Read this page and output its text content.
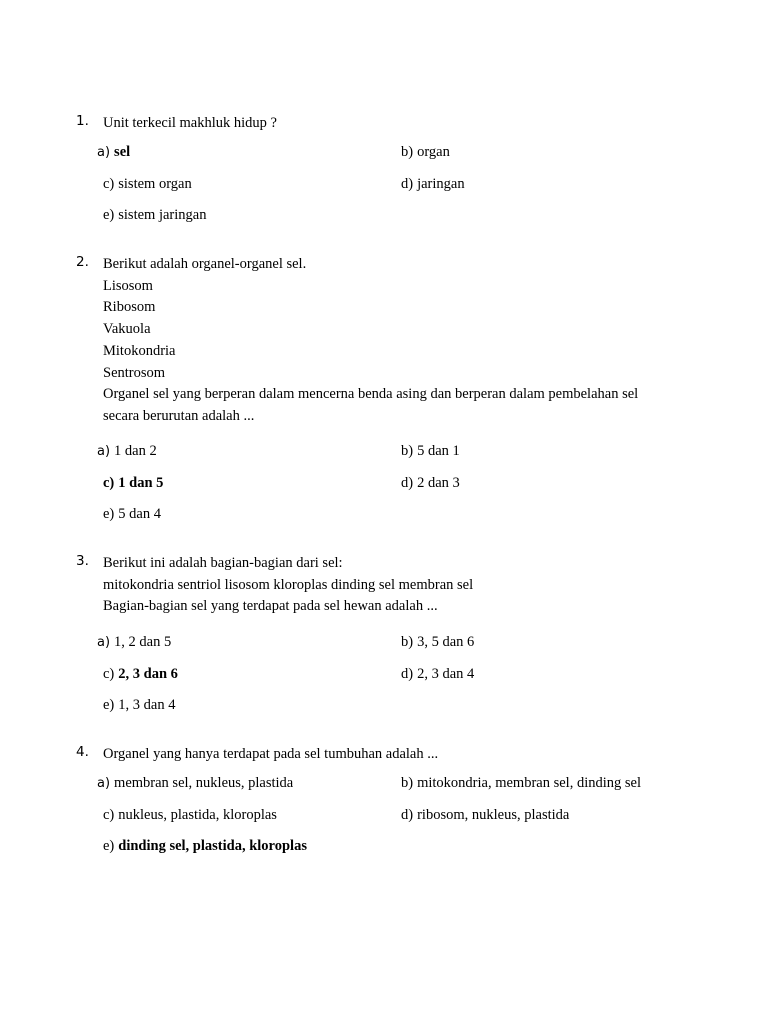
1. Unit terkecil makhluk hidup ?
a) sel	b) organ
c) sistem organ	d) jaringan
e) sistem jaringan
2. Berikut adalah organel-organel sel.
Lisosom
Ribosom
Vakuola
Mitokondria
Sentrosom
Organel sel yang berperan dalam mencerna benda asing dan berperan dalam pembelahan sel
secara berurutan adalah ...
a) 1 dan 2	b) 5 dan 1
c) 1 dan 5	d) 2 dan 3
e) 5 dan 4
3. Berikut ini adalah bagian-bagian dari sel:
mitokondria sentriol lisosom kloroplas dinding sel membran sel
Bagian-bagian sel yang terdapat pada sel hewan adalah ...
a) 1, 2 dan 5	b) 3, 5 dan 6
c) 2, 3 dan 6	d) 2, 3 dan 4
e) 1, 3 dan 4
4. Organel yang hanya terdapat pada sel tumbuhan adalah ...
a) membran sel, nukleus, plastida	b) mitokondria, membran sel, dinding sel
c) nukleus, plastida, kloroplas	d) ribosom, nukleus, plastida
e) dinding sel, plastida, kloroplas
